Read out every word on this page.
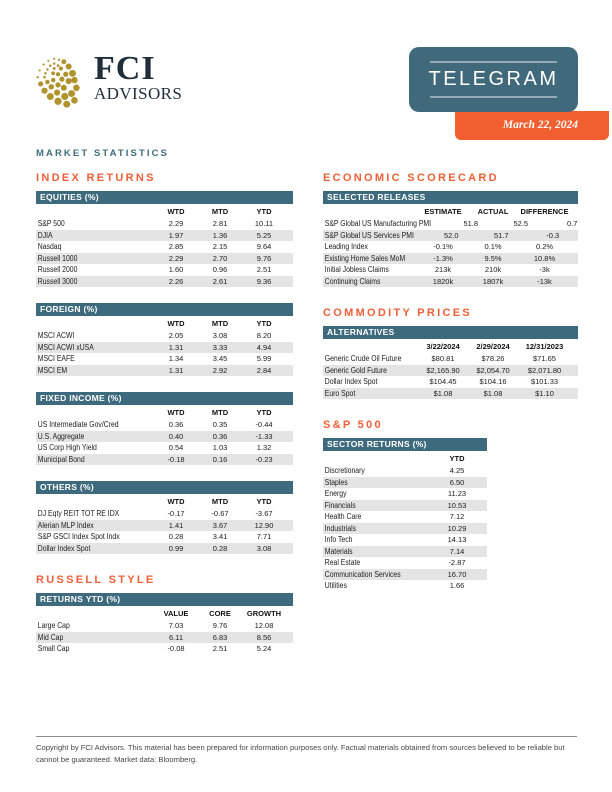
FCI
ADVISORS
March 22, 2024
TELEGRAM
MARKET STATISTICS
INDEX RETURNS
EQUITIES (%)
WTD	MTD	YTD
S&P 500	2.29	2.81	10.11
DJIA	1.97	1.36	5.25
Nasdaq	2.85	2.15	9.64
Russell 1000	2.29	2.70	9.76
Russell 2000	1.60	0.96	2.51
Russell 3000	2.26	2.61	9.36
FOREIGN (%)
WTD	MTD	YTD
MSCI ACWI	2.05	3.08	8.20
MSCI ACWI xUSA	1.31	3.33	4.94
MSCI EAFE	1.34	3.45	5.99
MSCI EM	1.31	2.92	2.84
FIXED INCOME (%)
WTD	MTD	YTD
US Intermediate Gov/Cred	0.36	0.35	-0.44
U.S. Aggregate	0.40	0.36	-1.33
US Corp High Yield	0.54	1.03	1.32
Municipal Bond	-0.18	0.16	-0.23
OTHERS (%)
WTD	MTD	YTD
DJ Eqty REIT TOT RE IDX	-0.17	-0.67	-3.67
Alerian MLP Index	1.41	3.67	12.90
S&P GSCI Index Spot Indx	0.28	3.41	7.71
Dollar Index Spot	0.99	0.28	3.08
RUSSELL STYLE
RETURNS YTD (%)
VALUE	CORE	GROWTH
Large Cap	7.03	9.76	12.08
Mid Cap	6.11	6.83	8.56
Small Cap	-0.08	2.51	5.24
ECONOMIC SCORECARD
SELECTED RELEASES
ESTIMATE	ACTUAL	DIFFERENCE
S&P Global US Manufacturing PMI	51.8	52.5	0.7
S&P Global US Services PMI	52.0	51.7	-0.3
Leading Index	-0.1%	0.1%	0.2%
Existing Home Sales MoM	-1.3%	9.5%	10.8%
Initial Jobless Claims	213k	210k	-3k
Continuing Claims	1820k	1807k	-13k
COMMODITY PRICES
ALTERNATIVES
3/22/2024	2/29/2024	12/31/2023
Generic Crude Oil Future	$80.81	$78.26	$71.65
Generic Gold Future	$2,165.90	$2,054.70	$2,071.80
Dollar Index Spot	$104.45	$104.16	$101.33
Euro Spot	$1.08	$1.08	$1.10
S&P 500
SECTOR RETURNS (%)
YTD
Discretionary	4.25
Staples	6.50
Energy	11.23
Financials	10.53
Health Care	7.12
Industrials	10.29
Info Tech	14.13
Materials	7.14
Real Estate	-2.87
Communication Services	16.70
Utilities	1.66
Copyright by FCI Advisors. This material has been prepared for information purposes only. Factual materials obtained from sources believed to be reliable but cannot be guaranteed. Market data: Bloomberg.
